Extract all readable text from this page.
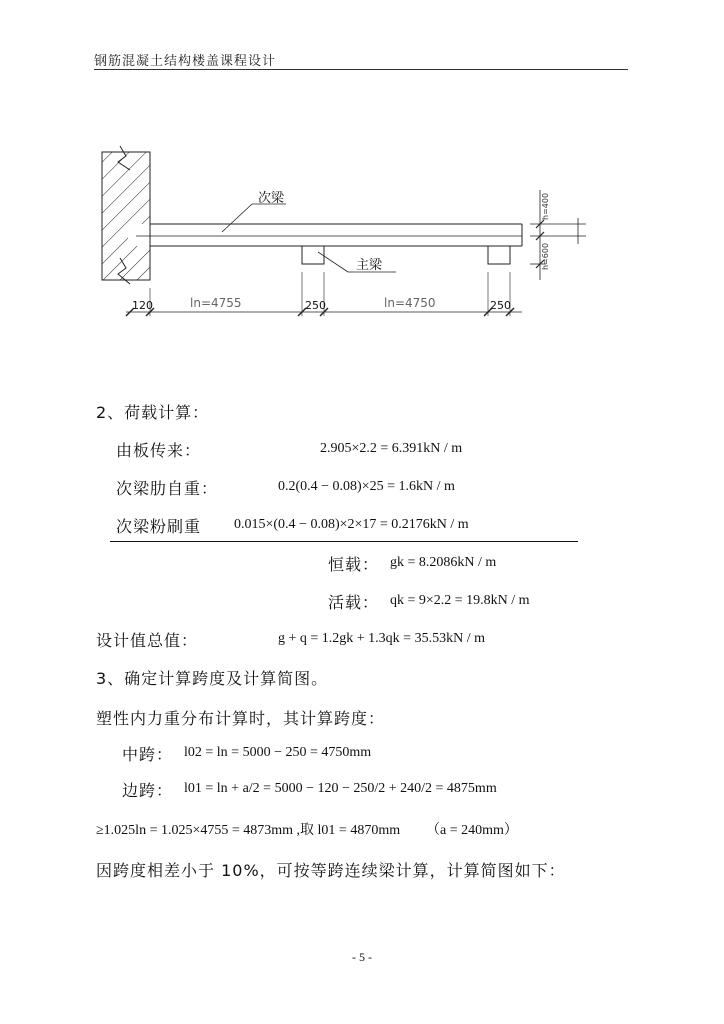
钢筋混凝土结构楼盖课程设计
次梁
主梁
h=400
h=600
120	ln=4755	250	ln=4750	250
2、荷载计算：
由板传来：	2.905×2.2 = 6.391kN / m
次梁肋自重：	0.2(0.4 − 0.08)×25 = 1.6kN / m
次梁粉刷重 0.015×(0.4 − 0.08)×2×17 = 0.2176kN / m
恒载： gk = 8.2086kN / m
活载： qk = 9×2.2 = 19.8kN / m
设计值总值：	g + q = 1.2gk + 1.3qk = 35.53kN / m
3、确定计算跨度及计算简图。
塑性内力重分布计算时，其计算跨度：
中跨： l02 = ln = 5000 − 250 = 4750mm
边跨： l01 = ln + a/2 = 5000 − 120 − 250/2 + 240/2 = 4875mm
≥1.025ln = 1.025×4755 = 4873mm ,取 l01 = 4870mm （a = 240mm）
因跨度相差小于 10%，可按等跨连续梁计算，计算简图如下：
- 5 -
